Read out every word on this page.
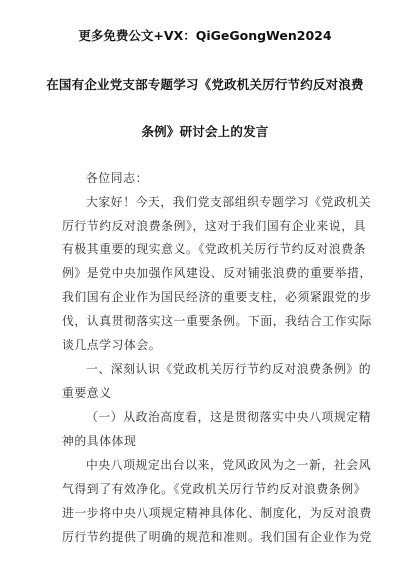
更多免费公文+VX：QiGeGongWen2024
在国有企业党支部专题学习《党政机关厉行节约反对浪费
条例》研讨会上的发言
各位同志：
大家好！今天，我们党支部组织专题学习《党政机关
厉行节约反对浪费条例》，这对于我们国有企业来说，具
有极其重要的现实意义。《党政机关厉行节约反对浪费条
例》是党中央加强作风建设、反对铺张浪费的重要举措，
我们国有企业作为国民经济的重要支柱，必须紧跟党的步
伐，认真贯彻落实这一重要条例。下面，我结合工作实际
谈几点学习体会。
一、深刻认识《党政机关厉行节约反对浪费条例》的
重要意义
（一）从政治高度看，这是贯彻落实中央八项规定精
神的具体体现
中央八项规定出台以来，党风政风为之一新，社会风
气得到了有效净化。《党政机关厉行节约反对浪费条例》
进一步将中央八项规定精神具体化、制度化，为反对浪费
厉行节约提供了明确的规范和准则。我们国有企业作为党
